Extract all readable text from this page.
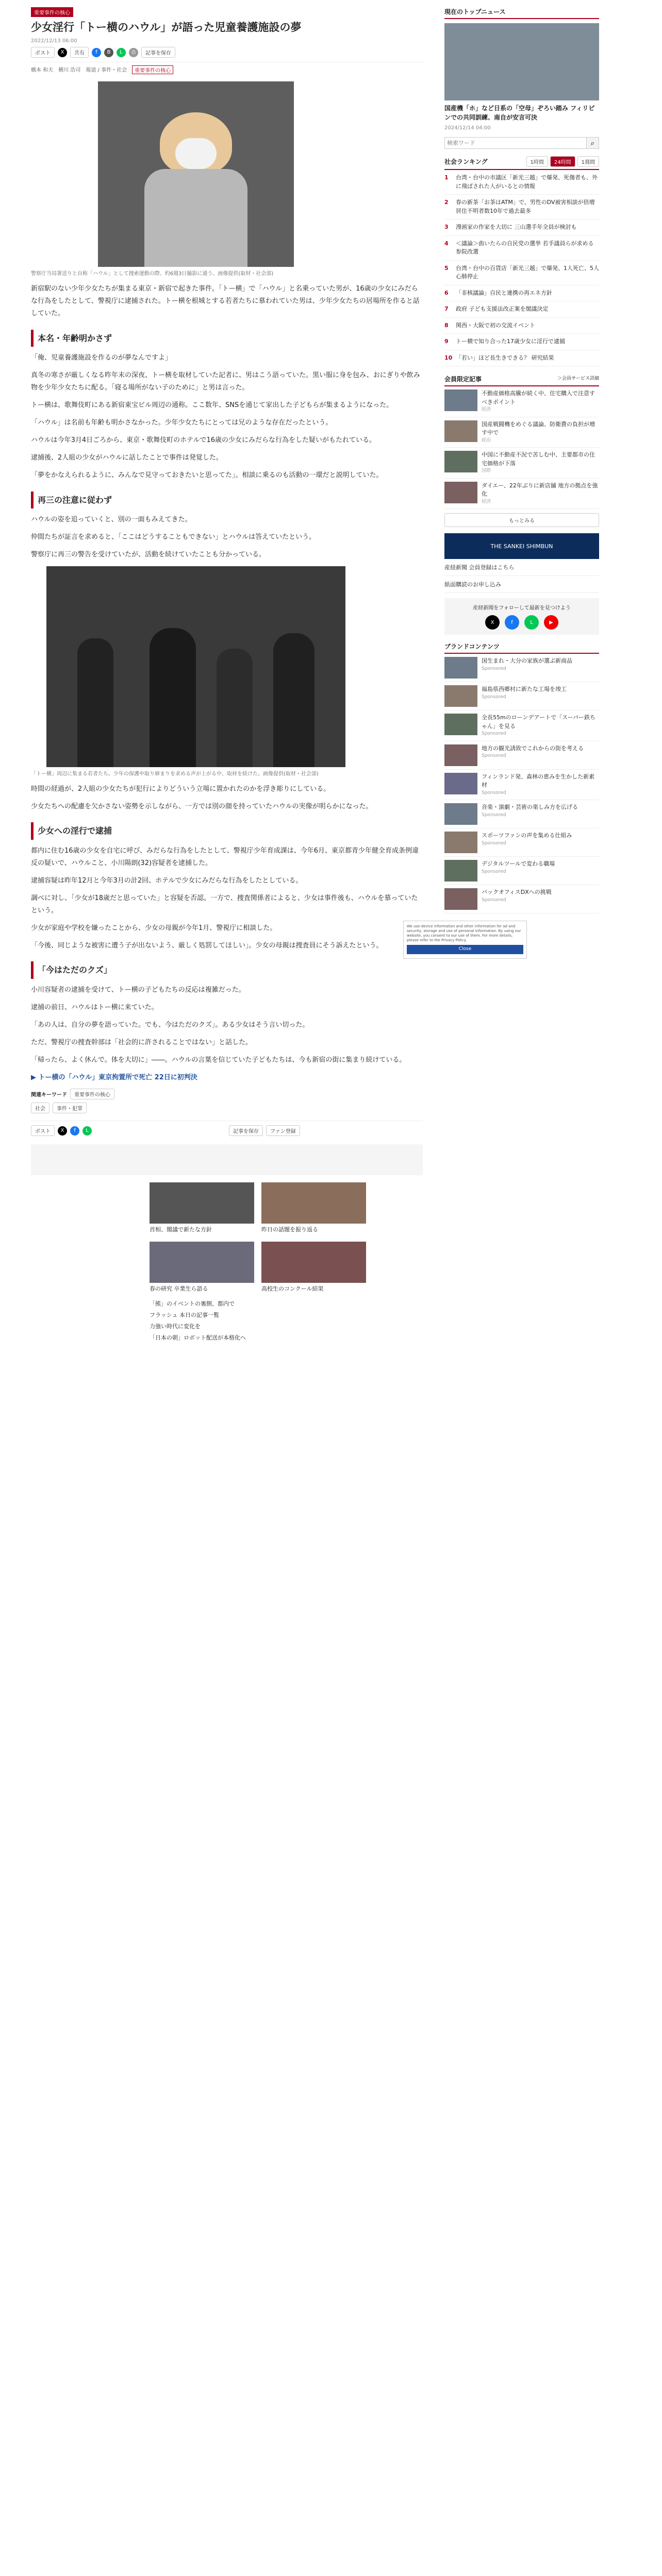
重要事件の核心
少女淫行「トー横のハウル」が語った児童養護施設の夢
2022/12/13 06:00
ポスト	X	共有	f	B	L	⎙	記事を保存
橋本 和夫 横川 浩司 報道 / 事件・社会	重要事件の核心
警察庁当局署送りと自称「ハウル」として捜索運動の際、約6週3日撮影に通う。画像提供(取材・社会部)

新宿駅のない少年少女たちが集まる東京・新宿で起きた事件。「トー横」で「ハウル」と名乗っていた男が、16歳の少女にみだらな行為をしたとして、警視庁に逮捕された。トー横を根城とする若者たちに慕われていた男は、少年少女たちの居場所を作ると話していた。

本名・年齢明かさず

「俺、児童養護施設を作るのが夢なんですよ」

真冬の寒さが厳しくなる昨年末の深夜、トー横を取材していた記者に、男はこう語っていた。黒い服に身を包み、おにぎりや飲み物を少年少女たちに配る。「寝る場所がない子のために」と男は言った。

トー横は、歌舞伎町にある新宿東宝ビル周辺の通称。ここ数年、SNSを通じて家出した子どもらが集まるようになった。

「ハウル」は名前も年齢も明かさなかった。少年少女たちにとっては兄のような存在だったという。

ハウルは今年3月4日ごろから、東京・歌舞伎町のホテルで16歳の少女にみだらな行為をした疑いがもたれている。

逮捕後、2人組の少女がハウルに話したことで事件は発覚した。

「夢をかなえられるように、みんなで見守っておきたいと思ってた」。相談に乗るのも活動の一環だと説明していた。

再三の注意に従わず

ハウルの姿を追っていくと、別の一面もみえてきた。

仲間たちが証言を求めると、「ここはどうすることもできない」とハウルは答えていたという。

警察庁に再三の警告を受けていたが、活動を続けていたことも分かっている。

「トー横」周辺に集まる若者たち。少年の保護や取り締まりを求める声が上がる中、取材を続けた。画像提供(取材・社会部)

時間の経過が、2人組の少女たちが犯行によりどういう立場に置かれたのかを浮き彫りにしている。

少女たちへの配慮を欠かさない姿勢を示しながら、一方では別の顔を持っていたハウルの実像が明らかになった。

少女への淫行で逮捕

都内に住む16歳の少女を自宅に呼び、みだらな行為をしたとして、警視庁少年育成課は、今年6月、東京都青少年健全育成条例違反の疑いで、ハウルこと、小川陽朗(32)容疑者を逮捕した。

逮捕容疑は昨年12月と今年3月の計2回、ホテルで少女にみだらな行為をしたとしている。

調べに対し、「少女が18歳だと思っていた」と容疑を否認。一方で、捜査関係者によると、少女は事件後も、ハウルを慕っていたという。

少女が家庭や学校を嫌ったことから、少女の母親が今年1月、警視庁に相談した。

「今後、同じような被害に遭う子が出ないよう、厳しく処罰してほしい」。少女の母親は捜査員にそう訴えたという。

「今はただのクズ」

小川容疑者の逮捕を受けて、トー横の子どもたちの反応は複雑だった。

逮捕の前日、ハウルはトー横に来ていた。

「あの人は、自分の夢を語っていた。でも、今はただのクズ」。ある少女はそう言い切った。

ただ、警視庁の捜査幹部は「社会的に許されることではない」と話した。

「帰ったら、よく休んで。体を大切に」――。ハウルの言葉を信じていた子どもたちは、今も新宿の街に集まり続けている。

▶ トー横の「ハウル」東京拘置所で死亡 22日に初判決
関連キーワード	重要事件の核心
社会	事件・犯罪
ポスト	X	f	L	記事を保存	ファン登録
首相、閣議で新たな方針	昨日の話題を振り返る
春の研究 卒業生ら語る	高校生のコンクール結果
「熊」のイベントの裏側、都内で
フラッシュ 本日の記事一覧
力強い時代に変化を
「日本の朝」ロボット配送が本格化へ
現在のトップニュース
国産機「ホ」など日系の「空母」ぞろい踏み フィリピンでの共同訓練、南自が安言可決
2024/12/14 04:00
検索ワード
⌕
社会ランキング	1時間	24時間	1週間
1	台湾・台中の市議区「新光三越」で爆発、死傷者も、外に飛ばされた人がいるとの情報
2	春の新茶「お茶はATM」で、男性のDV被害相談が倍増 居住不明者数10年で過去最多
3	漫画家の作家を大切に 三山選手年全員が検討も
4	＜議論＞曲いたらの自民党の選挙 若手議員らが求める参院改選
5	台湾・台中の百貨店「新光三越」で爆発、1人死亡、5人心肺停止
6	「非核議論」自民と連携の再エネ方針
7	政府 子ども支援法改正案を閣議決定
8	関西・大阪で初の交流イベント
9	トー横で知り合った17歳少女に淫行で逮捕
10 「若い」ほど長生きできる？ 研究結果
会員限定記事	＞会員サービス詳細
不動産価格高騰が続く中、住宅購入で注意すべきポイント
経済
国産戦闘機をめぐる議論、防衛費の負担が増す中で
政治
中国に不動産不況で苦しむ中、主要都市の住宅価格が下落
国際
ダイエー、22年ぶりに新店舗 地方の拠点を強化
経済
もっとみる
THE SANKEI SHIMBUN
産経新聞 会員登録はこちら
紙面購読のお申し込み
産経新聞をフォローして最新を見つけよう
X	f	L	▶
ブランドコンテンツ
国生まれ・大分の家族が選ぶ新商品
Sponsored
福島県西郷村に新たな工場を竣工
Sponsored
全長55mのローンデアートで「スーパー鉄ちゃん」を見る
Sponsored
地方の観光誘致でこれからの街を考える
Sponsored
フィンランド発、森林の恵みを生かした新素材
Sponsored
音楽・演劇・芸術の楽しみ方を広げる
Sponsored
スポーツファンの声を集める仕組み
Sponsored
デジタルツールで変わる職場
Sponsored
バックオフィスDXへの挑戦
Sponsored
We use device information and other information for ad and security, storage and use of personal information. By using our website, you consent to our use of them. For more details, please refer to the Privacy Policy.
Close
